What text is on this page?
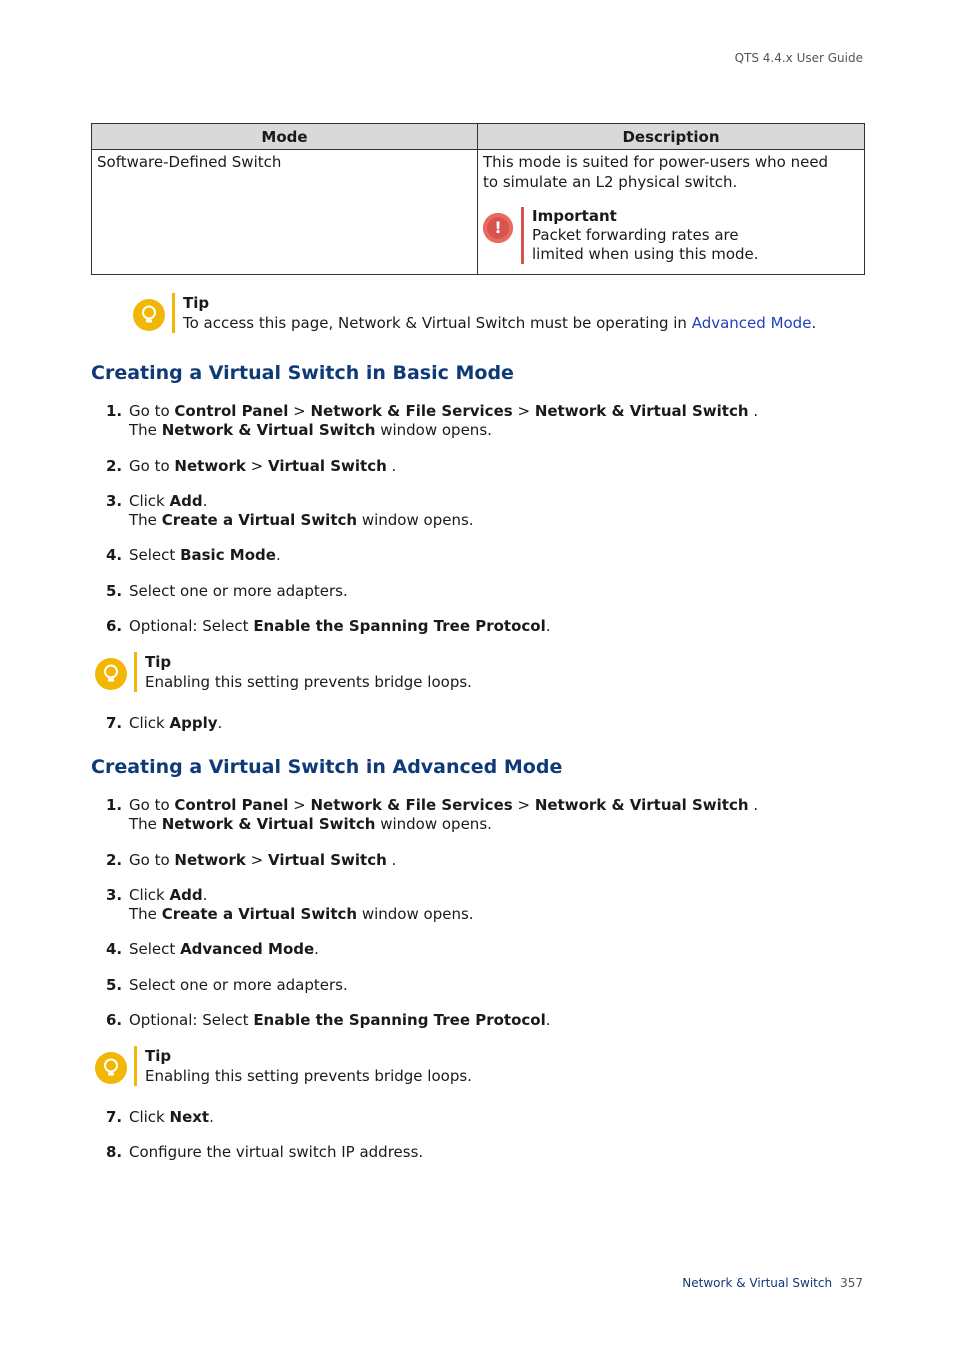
QTS 4.4.x User Guide
Mode	Description
Software-Defined Switch	This mode is suited for power-users who need to simulate an L2 physical switch.
!
Important
Packet forwarding rates are limited when using this mode.
Tip
To access this page, Network & Virtual Switch must be operating in Advanced Mode.
Creating a Virtual Switch in Basic Mode
1. Go to Control Panel > Network & File Services > Network & Virtual Switch .
The Network & Virtual Switch window opens.
2. Go to Network > Virtual Switch .
3. Click Add.
The Create a Virtual Switch window opens.
4. Select Basic Mode.
5. Select one or more adapters.
6. Optional: Select Enable the Spanning Tree Protocol.
Tip
Enabling this setting prevents bridge loops.
7. Click Apply.
Creating a Virtual Switch in Advanced Mode
1. Go to Control Panel > Network & File Services > Network & Virtual Switch .
The Network & Virtual Switch window opens.
2. Go to Network > Virtual Switch .
3. Click Add.
The Create a Virtual Switch window opens.
4. Select Advanced Mode.
5. Select one or more adapters.
6. Optional: Select Enable the Spanning Tree Protocol.
Tip
Enabling this setting prevents bridge loops.
7. Click Next.
8. Configure the virtual switch IP address.
Network & Virtual Switch 357
